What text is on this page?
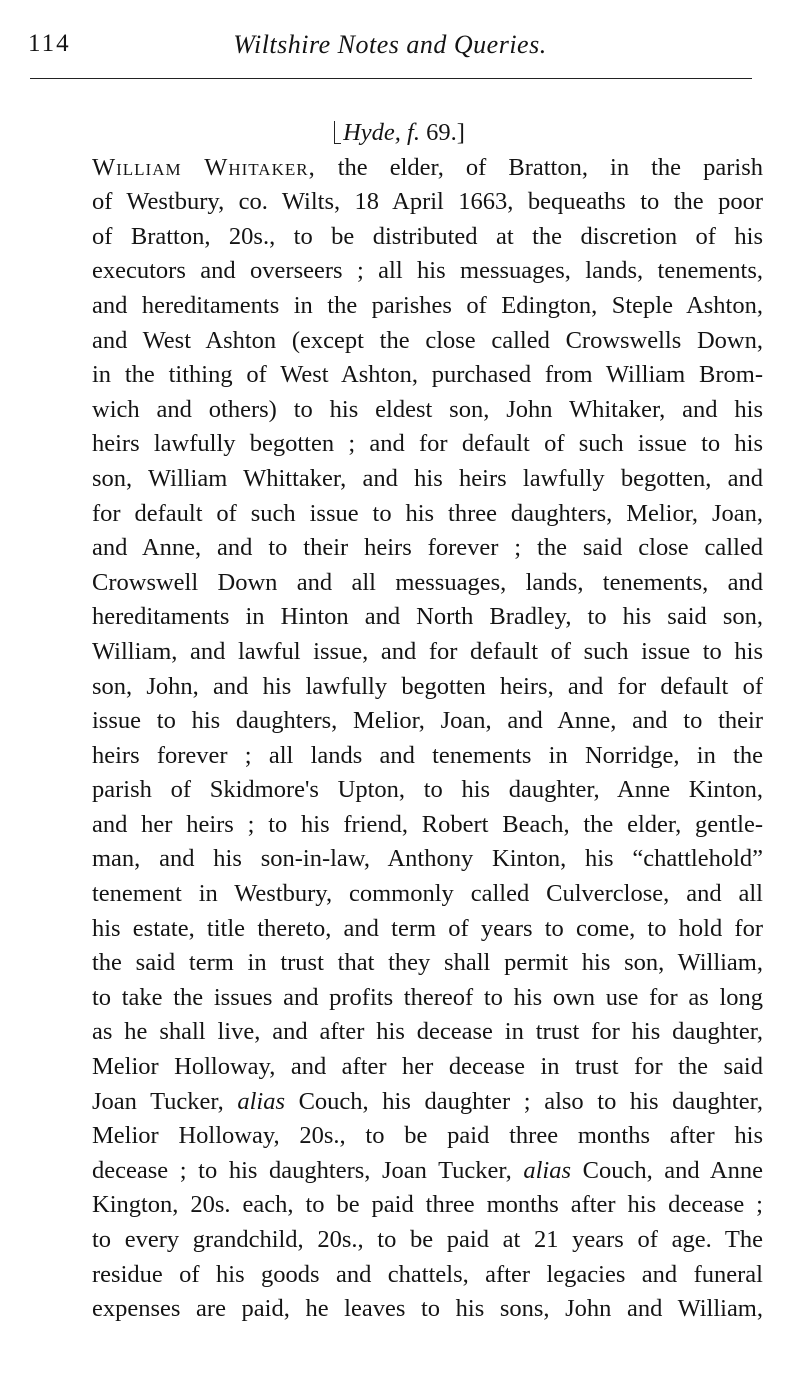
114	Wiltshire Notes and Queries.

Hyde, f. 69.]

William Whitaker, the elder, of Bratton, in the parish
of Westbury, co. Wilts, 18 April 1663, bequeaths to the poor
of Bratton, 20s., to be distributed at the discretion of his
executors and overseers ; all his messuages, lands, tenements,
and hereditaments in the parishes of Edington, Steple Ashton,
and West Ashton (except the close called Crowswells Down,
in the tithing of West Ashton, purchased from William Brom-
wich and others) to his eldest son, John Whitaker, and his
heirs lawfully begotten ; and for default of such issue to his
son, William Whittaker, and his heirs lawfully begotten, and
for default of such issue to his three daughters, Melior, Joan,
and Anne, and to their heirs forever ; the said close called
Crowswell Down and all messuages, lands, tenements, and
hereditaments in Hinton and North Bradley, to his said son,
William, and lawful issue, and for default of such issue to his
son, John, and his lawfully begotten heirs, and for default of
issue to his daughters, Melior, Joan, and Anne, and to their
heirs forever ; all lands and tenements in Norridge, in the
parish of Skidmore's Upton, to his daughter, Anne Kinton,
and her heirs ; to his friend, Robert Beach, the elder, gentle-
man, and his son-in-law, Anthony Kinton, his “chattlehold”
tenement in Westbury, commonly called Culverclose, and all
his estate, title thereto, and term of years to come, to hold for
the said term in trust that they shall permit his son, William,
to take the issues and profits thereof to his own use for as long
as he shall live, and after his decease in trust for his daughter,
Melior Holloway, and after her decease in trust for the said
Joan Tucker, alias Couch, his daughter ; also to his daughter,
Melior Holloway, 20s., to be paid three months after his
decease ; to his daughters, Joan Tucker, alias Couch, and Anne
Kington, 20s. each, to be paid three months after his decease ;
to every grandchild, 20s., to be paid at 21 years of age. The
residue of his goods and chattels, after legacies and funeral
expenses are paid, he leaves to his sons, John and William,
